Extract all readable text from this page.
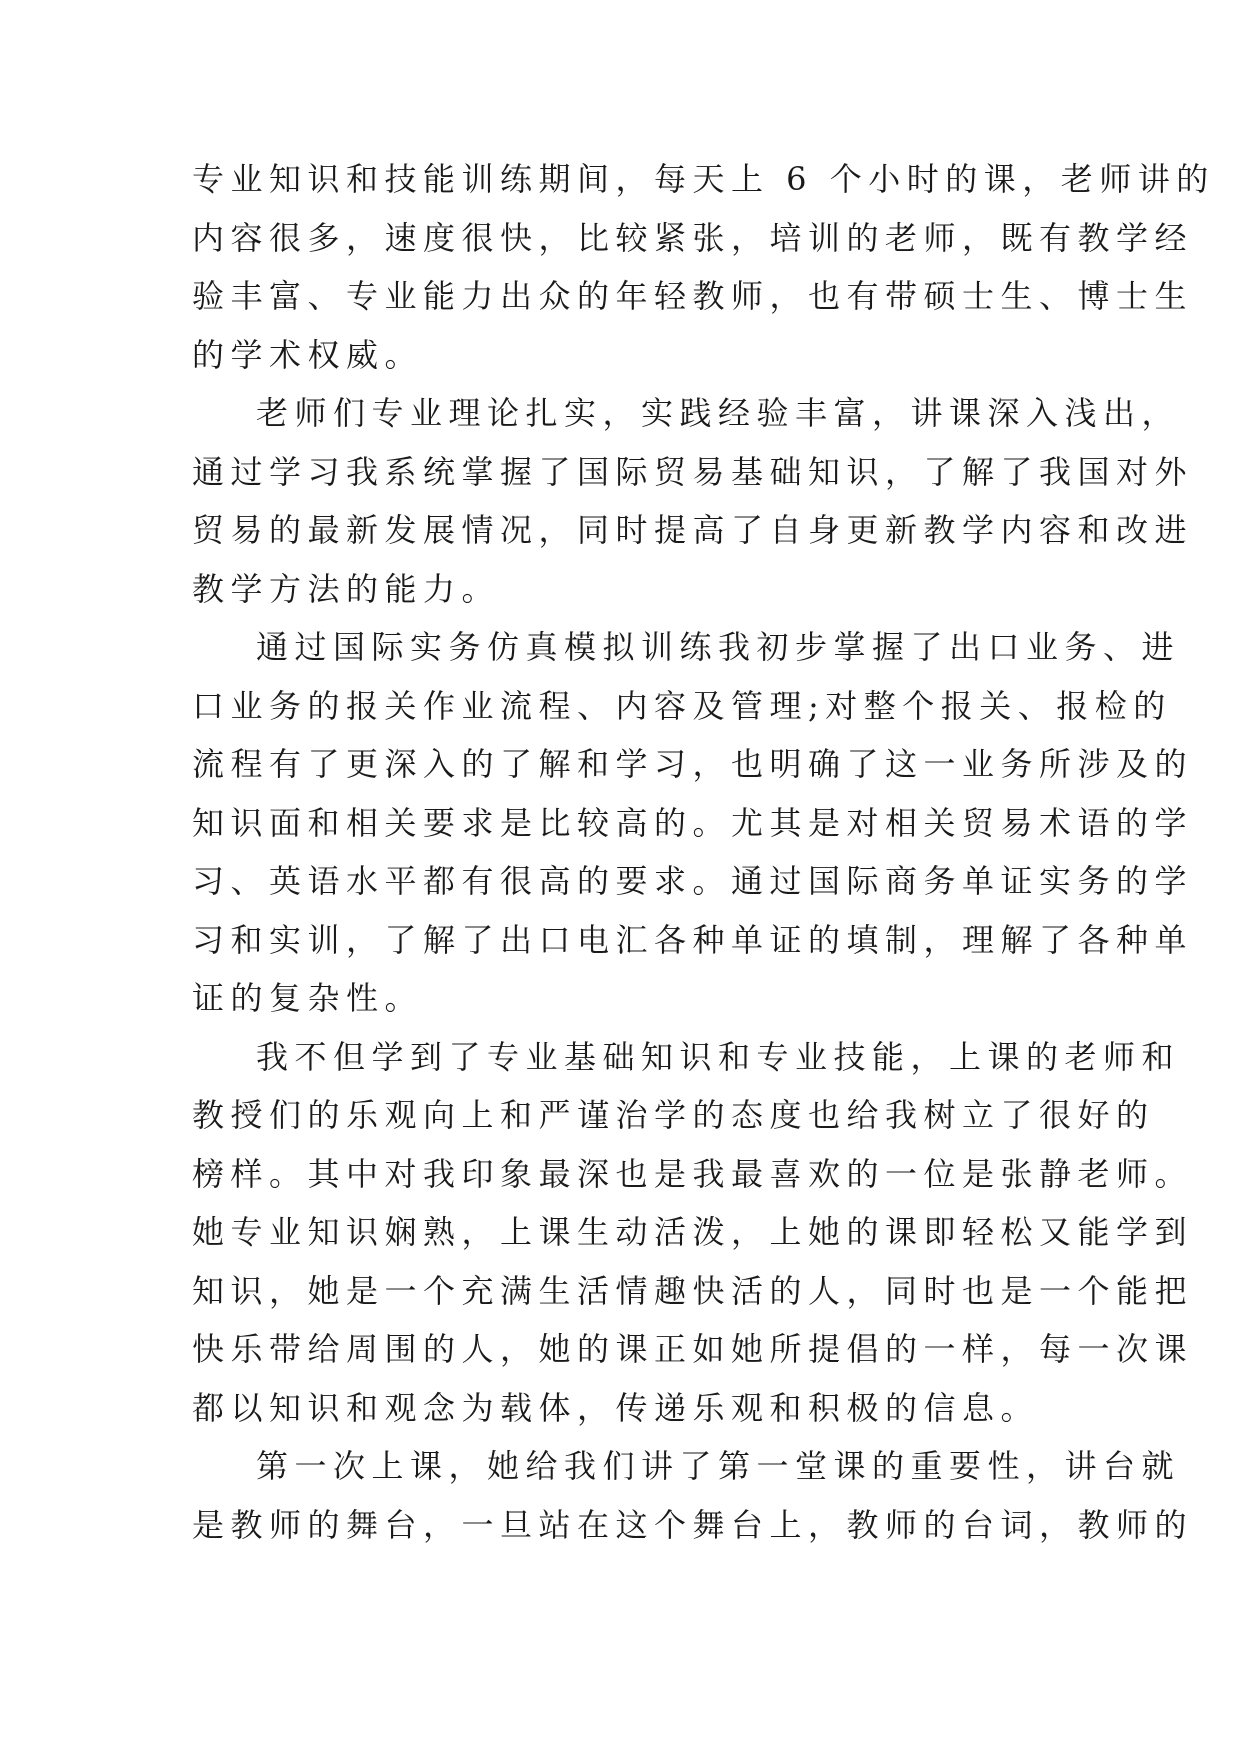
专业知识和技能训练期间，每天上 6 个小时的课，老师讲的
内容很多，速度很快，比较紧张，培训的老师，既有教学经
验丰富、专业能力出众的年轻教师，也有带硕士生、博士生
的学术权威。
老师们专业理论扎实，实践经验丰富，讲课深入浅出，
通过学习我系统掌握了国际贸易基础知识，了解了我国对外
贸易的最新发展情况，同时提高了自身更新教学内容和改进
教学方法的能力。
通过国际实务仿真模拟训练我初步掌握了出口业务、进
口业务的报关作业流程、内容及管理;对整个报关、报检的
流程有了更深入的了解和学习，也明确了这一业务所涉及的
知识面和相关要求是比较高的。尤其是对相关贸易术语的学
习、英语水平都有很高的要求。通过国际商务单证实务的学
习和实训，了解了出口电汇各种单证的填制，理解了各种单
证的复杂性。
我不但学到了专业基础知识和专业技能，上课的老师和
教授们的乐观向上和严谨治学的态度也给我树立了很好的
榜样。其中对我印象最深也是我最喜欢的一位是张静老师。
她专业知识娴熟，上课生动活泼，上她的课即轻松又能学到
知识，她是一个充满生活情趣快活的人，同时也是一个能把
快乐带给周围的人，她的课正如她所提倡的一样，每一次课
都以知识和观念为载体，传递乐观和积极的信息。
第一次上课，她给我们讲了第一堂课的重要性，讲台就
是教师的舞台，一旦站在这个舞台上，教师的台词，教师的
